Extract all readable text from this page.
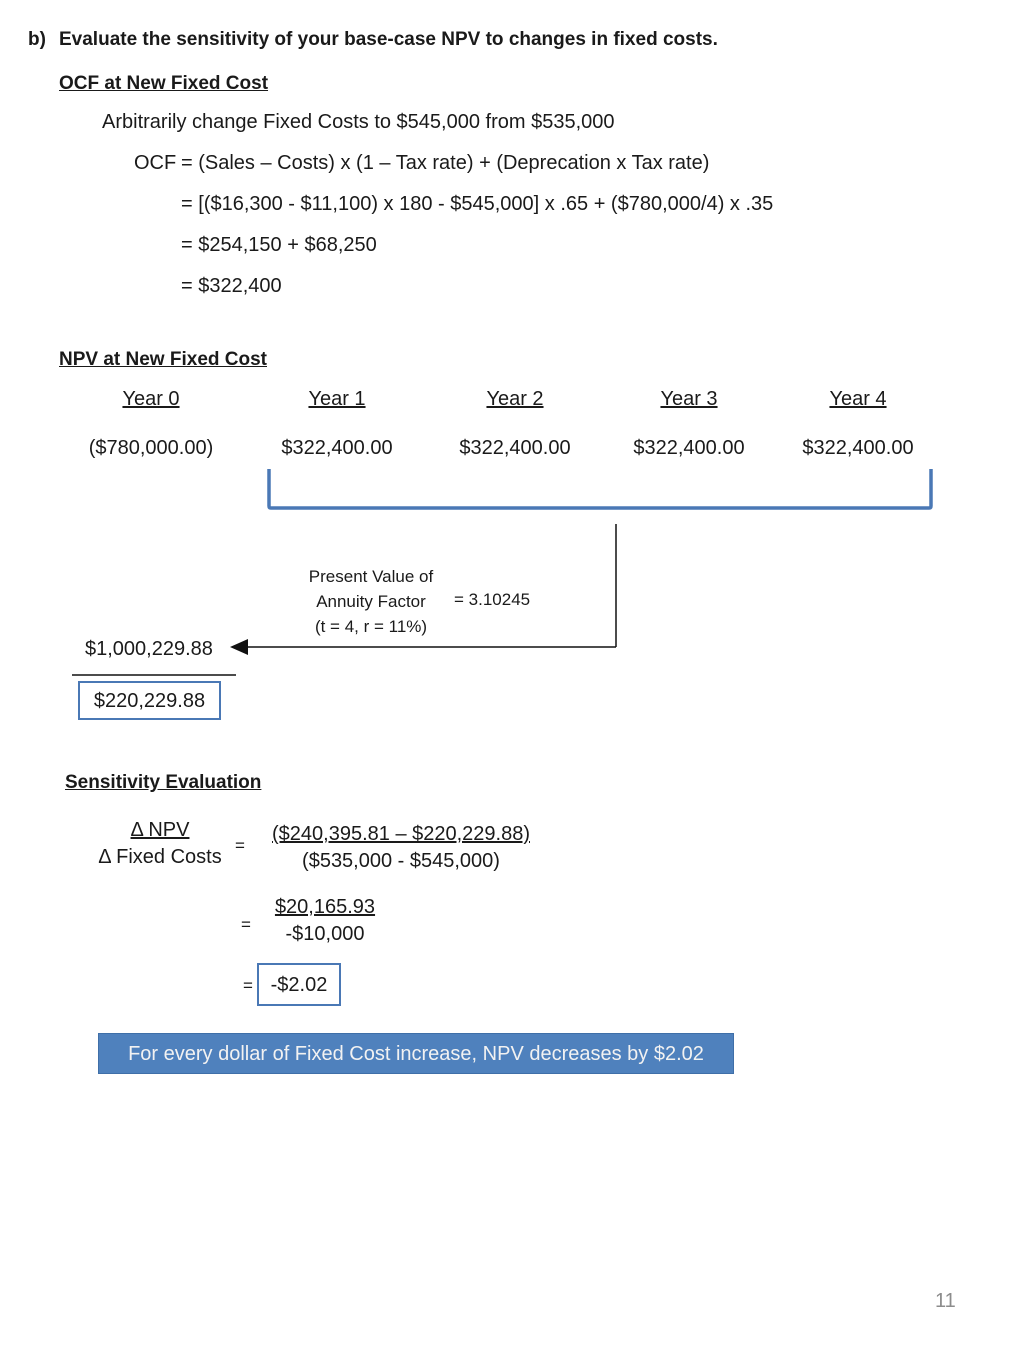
b) Evaluate the sensitivity of your base-case NPV to changes in fixed costs.
OCF at New Fixed Cost
Arbitrarily change Fixed Costs to $545,000 from $535,000
OCF = (Sales – Costs) x (1 – Tax rate) + (Deprecation x Tax rate)
= [($16,300 - $11,100) x 180 - $545,000] x .65 + ($780,000/4) x .35
= $254,150 + $68,250
= $322,400
NPV at New Fixed Cost
Year 0	Year 1	Year 2	Year 3	Year 4
($780,000.00)	$322,400.00	$322,400.00	$322,400.00	$322,400.00
Present Value of
Annuity Factor
(t = 4, r = 11%)
= 3.10245
$1,000,229.88
$220,229.88
Sensitivity Evaluation
Δ NPV
Δ Fixed Costs
=
($240,395.81 – $220,229.88)
($535,000 - $545,000)
=
$20,165.93
-$10,000
= -$2.02
For every dollar of Fixed Cost increase, NPV decreases by $2.02
11
